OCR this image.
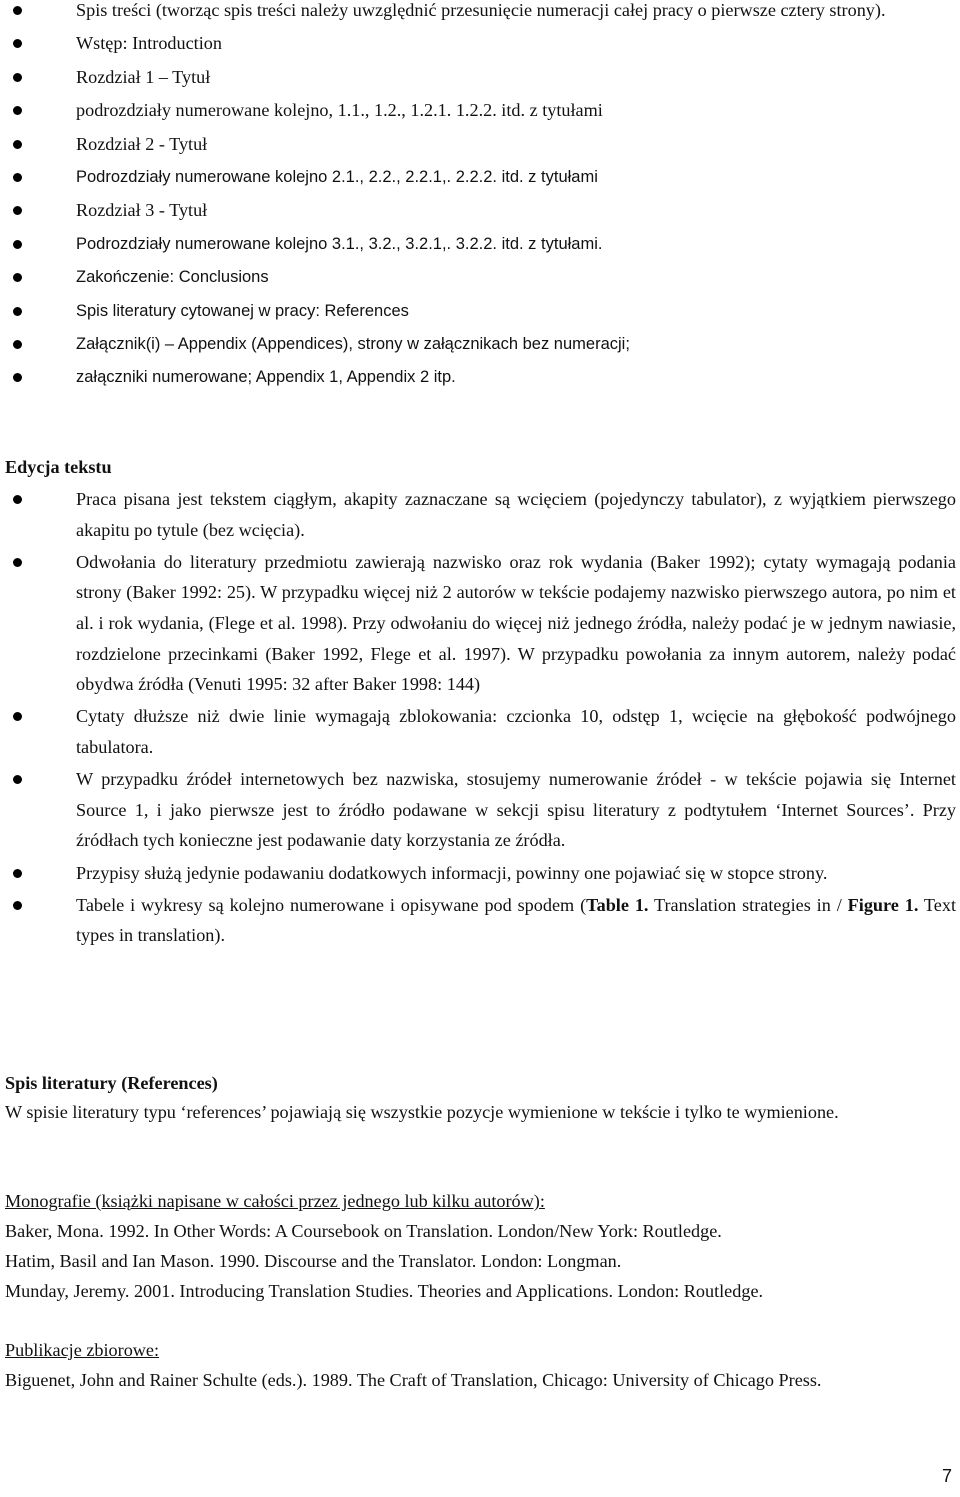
Spis treści (tworząc spis treści należy uwzględnić przesunięcie numeracji całej pracy o pierwsze cztery strony).
Wstęp: Introduction
Rozdział 1 – Tytuł
podrozdziały numerowane kolejno, 1.1., 1.2., 1.2.1. 1.2.2. itd. z tytułami
Rozdział 2 - Tytuł
Podrozdziały numerowane kolejno 2.1., 2.2., 2.2.1,. 2.2.2. itd. z tytułami
Rozdział 3 - Tytuł
Podrozdziały numerowane kolejno 3.1., 3.2., 3.2.1,. 3.2.2. itd. z tytułami.
Zakończenie: Conclusions
Spis literatury cytowanej w pracy: References
Załącznik(i) – Appendix (Appendices), strony w załącznikach bez numeracji;
załączniki numerowane; Appendix 1, Appendix 2 itp.
Edycja tekstu
Praca pisana jest tekstem ciągłym, akapity zaznaczane są wcięciem (pojedynczy tabulator), z wyjątkiem pierwszego akapitu po tytule (bez wcięcia).
Odwołania do literatury przedmiotu zawierają nazwisko oraz rok wydania (Baker 1992); cytaty wymagają podania strony (Baker 1992: 25). W przypadku więcej niż 2 autorów w tekście podajemy nazwisko pierwszego autora, po nim et al. i rok wydania, (Flege et al. 1998). Przy odwołaniu do więcej niż jednego źródła, należy podać je w jednym nawiasie, rozdzielone przecinkami (Baker 1992, Flege et al. 1997). W przypadku powołania za innym autorem, należy podać obydwa źródła (Venuti 1995: 32 after Baker 1998: 144)
Cytaty dłuższe niż dwie linie wymagają zblokowania: czcionka 10, odstęp 1, wcięcie na głębokość podwójnego tabulatora.
W przypadku źródeł internetowych bez nazwiska, stosujemy numerowanie źródeł - w tekście pojawia się Internet Source 1, i jako pierwsze jest to źródło podawane w sekcji spisu literatury z podtytułem ‘Internet Sources’. Przy źródłach tych konieczne jest podawanie daty korzystania ze źródła.
Przypisy służą jedynie podawaniu dodatkowych informacji, powinny one pojawiać się w stopce strony.
Tabele i wykresy są kolejno numerowane i opisywane pod spodem (Table 1. Translation strategies in / Figure 1. Text types in translation).
Spis literatury (References)
W spisie literatury typu ‘references’ pojawiają się wszystkie pozycje wymienione w tekście i tylko te wymienione.
Monografie (książki napisane w całości przez jednego lub kilku autorów):
Baker, Mona. 1992. In Other Words: A Coursebook on Translation. London/New York: Routledge.
Hatim, Basil and Ian Mason. 1990. Discourse and the Translator. London: Longman.
Munday, Jeremy. 2001. Introducing Translation Studies. Theories and Applications. London: Routledge.
Publikacje zbiorowe:
Biguenet, John and Rainer Schulte (eds.). 1989. The Craft of Translation, Chicago: University of Chicago Press.
7
